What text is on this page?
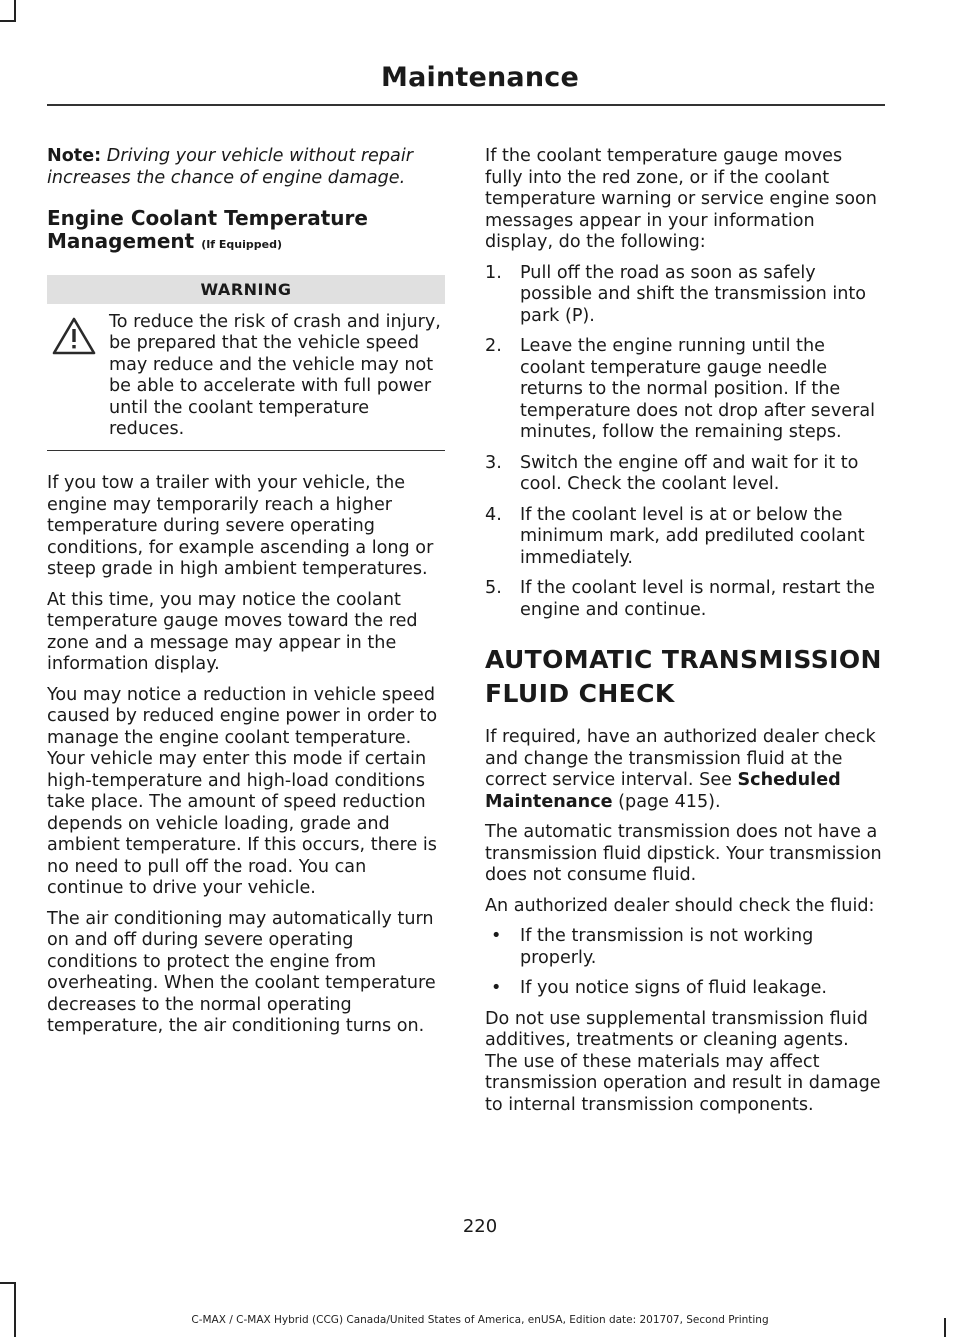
Maintenance

Note: Driving your vehicle without repair increases the chance of engine damage.

Engine Coolant Temperature Management (If Equipped)
WARNING

To reduce the risk of crash and injury, be prepared that the vehicle speed may reduce and the vehicle may not be able to accelerate with full power until the coolant temperature reduces.

If you tow a trailer with your vehicle, the engine may temporarily reach a higher temperature during severe operating conditions, for example ascending a long or steep grade in high ambient temperatures.

At this time, you may notice the coolant temperature gauge moves toward the red zone and a message may appear in the information display.

You may notice a reduction in vehicle speed caused by reduced engine power in order to manage the engine coolant temperature. Your vehicle may enter this mode if certain high-temperature and high-load conditions take place. The amount of speed reduction depends on vehicle loading, grade and ambient temperature. If this occurs, there is no need to pull off the road. You can continue to drive your vehicle.

The air conditioning may automatically turn on and off during severe operating conditions to protect the engine from overheating. When the coolant temperature decreases to the normal operating temperature, the air conditioning turns on.

If the coolant temperature gauge moves fully into the red zone, or if the coolant temperature warning or service engine soon messages appear in your information display, do the following:

1. Pull off the road as soon as safely possible and shift the transmission into park (P).
2. Leave the engine running until the coolant temperature gauge needle returns to the normal position. If the temperature does not drop after several minutes, follow the remaining steps.
3. Switch the engine off and wait for it to cool. Check the coolant level.
4. If the coolant level is at or below the minimum mark, add prediluted coolant immediately.
5. If the coolant level is normal, restart the engine and continue.
AUTOMATIC TRANSMISSION
FLUID CHECK

If required, have an authorized dealer check and change the transmission fluid at the correct service interval. See Scheduled Maintenance (page 415).

The automatic transmission does not have a transmission fluid dipstick. Your transmission does not consume fluid.

An authorized dealer should check the fluid:

• If the transmission is not working properly.
• If you notice signs of fluid leakage.

Do not use supplemental transmission fluid additives, treatments or cleaning agents. The use of these materials may affect transmission operation and result in damage to internal transmission components.

220
C-MAX / C-MAX Hybrid (CCG) Canada/United States of America, enUSA, Edition date: 201707, Second Printing
